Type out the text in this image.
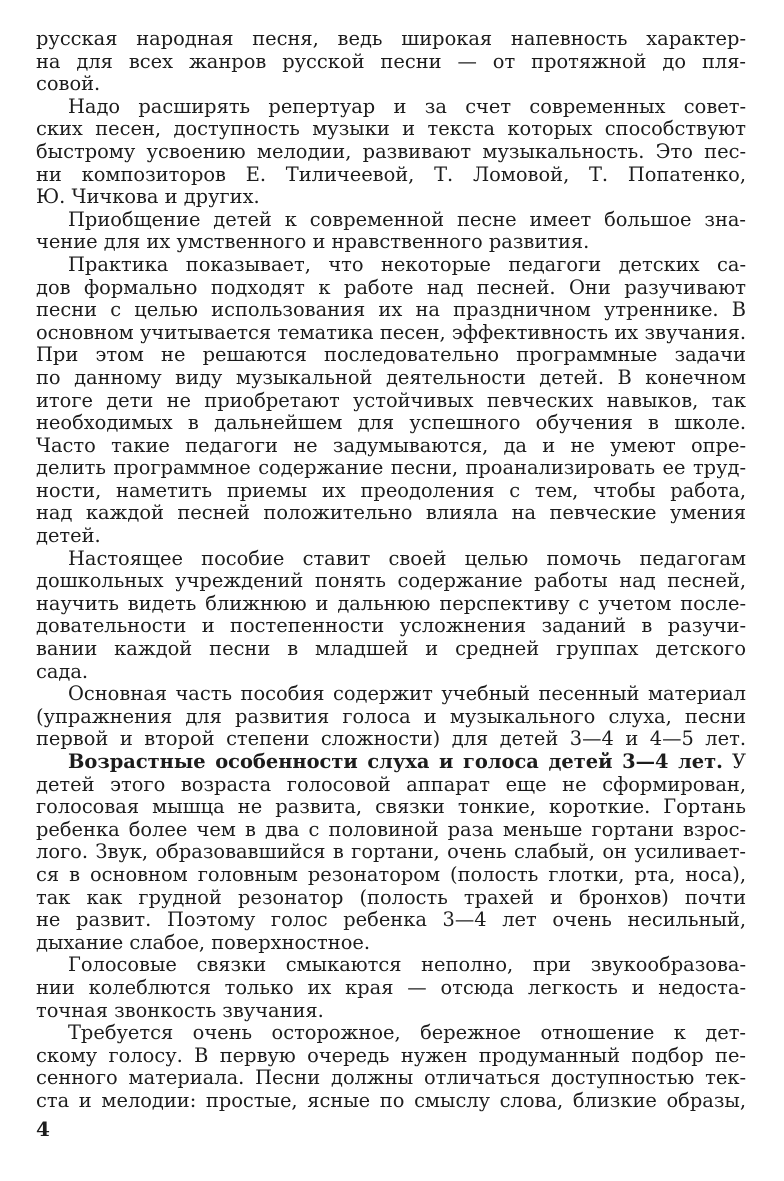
русская народная песня, ведь широкая напевность характер-
на для всех жанров русской песни — от протяжной до пля-
совой.
Надо расширять репертуар и за счет современных совет-
ских песен, доступность музыки и текста которых способствуют
быстрому усвоению мелодии, развивают музыкальность. Это пес-
ни композиторов Е. Тиличеевой, Т. Ломовой, Т. Попатенко,
Ю. Чичкова и других.
Приобщение детей к современной песне имеет большое зна-
чение для их умственного и нравственного развития.
Практика показывает, что некоторые педагоги детских са-
дов формально подходят к работе над песней. Они разучивают
песни с целью использования их на праздничном утреннике. В
основном учитывается тематика песен, эффективность их звучания.
При этом не решаются последовательно программные задачи
по данному виду музыкальной деятельности детей. В конечном
итоге дети не приобретают устойчивых певческих навыков, так
необходимых в дальнейшем для успешного обучения в школе.
Часто такие педагоги не задумываются, да и не умеют опре-
делить программное содержание песни, проанализировать ее труд-
ности, наметить приемы их преодоления с тем, чтобы работа,
над каждой песней положительно влияла на певческие умения
детей.
Настоящее пособие ставит своей целью помочь педагогам
дошкольных учреждений понять содержание работы над песней,
научить видеть ближнюю и дальнюю перспективу с учетом после-
довательности и постепенности усложнения заданий в разучи-
вании каждой песни в младшей и средней группах детского
сада.
Основная часть пособия содержит учебный песенный материал
(упражнения для развития голоса и музыкального слуха, песни
первой и второй степени сложности) для детей 3—4 и 4—5 лет.
Возрастные особенности слуха и голоса детей 3—4 лет. У
детей этого возраста голосовой аппарат еще не сформирован,
голосовая мышца не развита, связки тонкие, короткие. Гортань
ребенка более чем в два с половиной раза меньше гортани взрос-
лого. Звук, образовавшийся в гортани, очень слабый, он усиливает-
ся в основном головным резонатором (полость глотки, рта, носа),
так как грудной резонатор (полость трахей и бронхов) почти
не развит. Поэтому голос ребенка 3—4 лет очень несильный,
дыхание слабое, поверхностное.
Голосовые связки смыкаются неполно, при звукообразова-
нии колеблются только их края — отсюда легкость и недоста-
точная звонкость звучания.
Требуется очень осторожное, бережное отношение к дет-
скому голосу. В первую очередь нужен продуманный подбор пе-
сенного материала. Песни должны отличаться доступностью тек-
ста и мелодии: простые, ясные по смыслу слова, близкие образы,
4
